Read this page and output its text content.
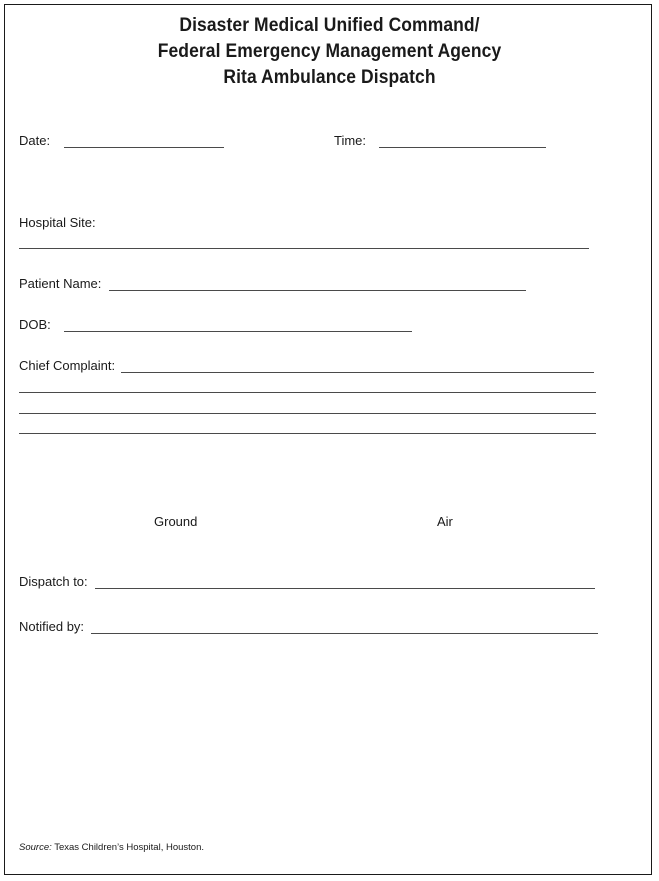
Disaster Medical Unified Command/
Federal Emergency Management Agency
Rita Ambulance Dispatch
Date:	Time:
Hospital Site:
Patient Name:
DOB:
Chief Complaint:
Ground	Air
Dispatch to:
Notified by:
Source: Texas Children’s Hospital, Houston.
